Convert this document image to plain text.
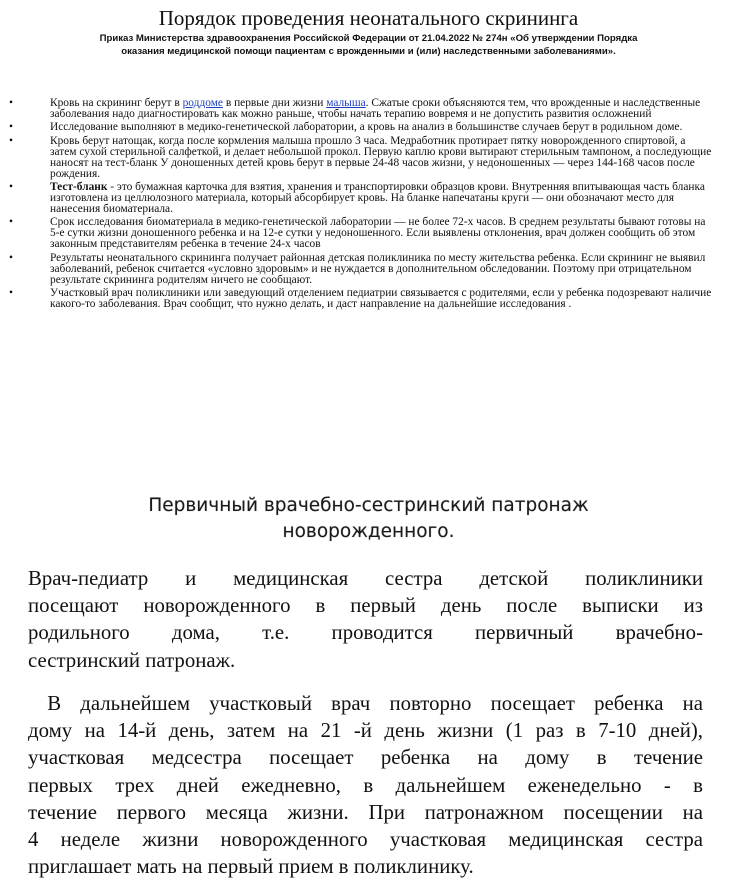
Порядок проведения неонатального скрининга

Приказ Министерства здравоохранения Российской Федерации от 21.04.2022 № 274н «Об утверждении Порядка
оказания медицинской помощи пациентам с врожденными и (или) наследственными заболеваниями».

•	Кровь на скрининг берут в роддоме в первые дни жизни малыша. Сжатые сроки объясняются тем, что врожденные и наследственные заболевания надо диагностировать как можно раньше, чтобы начать терапию вовремя и не допустить развития осложнений
•	Исследование выполняют в медико-генетической лаборатории, а кровь на анализ в большинстве случаев берут в родильном доме.
•	Кровь берут натощак, когда после кормления малыша прошло 3 часа. Медработник протирает пятку новорожденного спиртовой, а затем сухой стерильной салфеткой, и делает небольшой прокол. Первую каплю крови вытирают стерильным тампоном, а последующие наносят на тест-бланк У доношенных детей кровь берут в первые 24-48 часов жизни, у недоношенных — через 144-168 часов после рождения.
•	Тест-бланк - это бумажная карточка для взятия, хранения и транспортировки образцов крови. Внутренняя впитывающая часть бланка изготовлена из целлюлозного материала, который абсорбирует кровь. На бланке напечатаны круги — они обозначают место для нанесения биоматериала.
•	Срок исследования биоматериала в медико-генетической лаборатории — не более 72-х часов. В среднем результаты бывают готовы на 5-е сутки жизни доношенного ребенка и на 12-е сутки у недоношенного. Если выявлены отклонения, врач должен сообщить об этом законным представителям ребенка в течение 24-х часов
•	Результаты неонатального скрининга получает районная детская поликлиника по месту жительства ребенка. Если скрининг не выявил заболеваний, ребенок считается «условно здоровым» и не нуждается в дополнительном обследовании. Поэтому при отрицательном результате скрининга родителям ничего не сообщают.
•	Участковый врач поликлиники или заведующий отделением педиатрии связывается с родителями, если у ребенка подозревают наличие какого-то заболевания. Врач сообщит, что нужно делать, и даст направление на дальнейшие исследования .
Первичный врачебно-сестринский патронаж
новорожденного.

Врач-педиатр и медицинская сестра детской поликлиники
посещают новорожденного в первый день после выписки из
родильного дома, т.е. проводится первичный врачебно-
сестринский патронаж.

В дальнейшем участковый врач повторно посещает ребенка на
дому на 14-й день, затем на 21 -й день жизни (1 раз в 7-10 дней),
участковая медсестра посещает ребенка на дому в течение
первых трех дней ежедневно, в дальнейшем еженедельно - в
течение первого месяца жизни. При патронажном посещении на
4 неделе жизни новорожденного участковая медицинская сестра
приглашает мать на первый прием в поликлинику.
